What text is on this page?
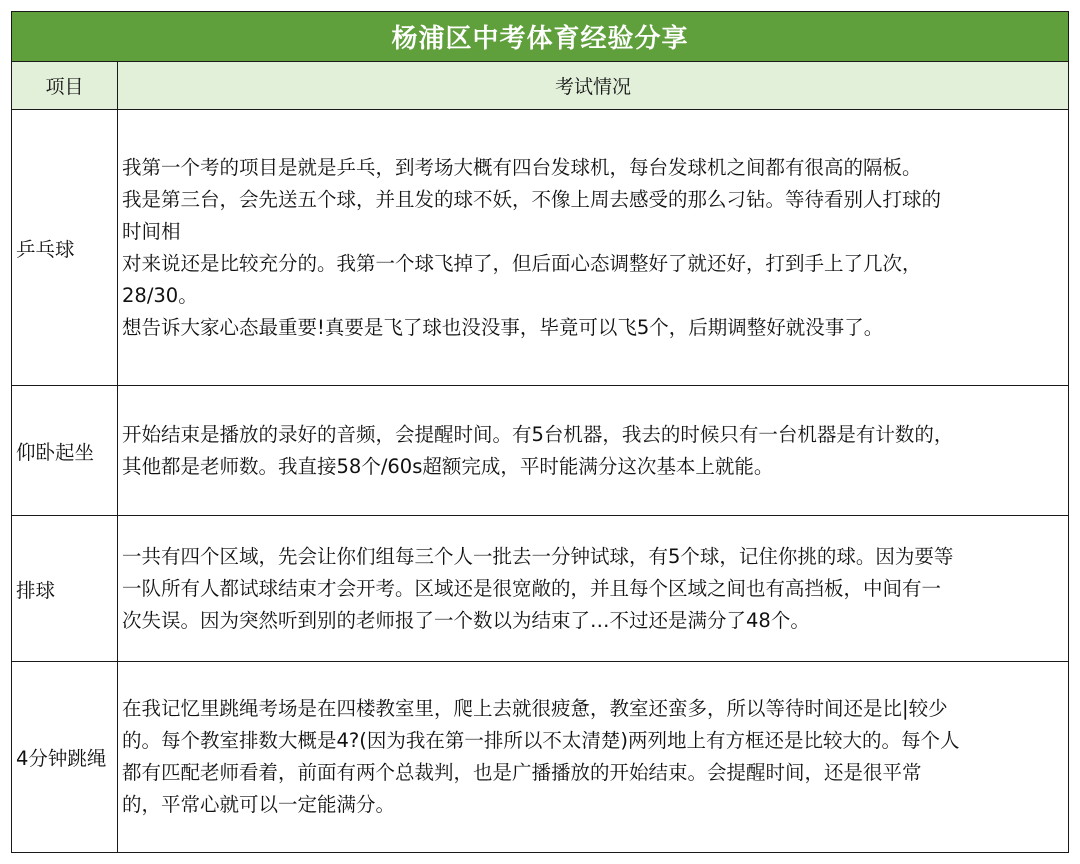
杨浦区中考体育经验分享
项目	考试情况
乒乓球
我第一个考的项目是就是乒乓，到考场大概有四台发球机，每台发球机之间都有很高的隔板。
我是第三台，会先送五个球，并且发的球不妖，不像上周去感受的那么刁钻。等待看别人打球的
时间相
对来说还是比较充分的。我第一个球飞掉了，但后面心态调整好了就还好，打到手上了几次，
28/30。
想告诉大家心态最重要!真要是飞了球也没没事，毕竟可以飞5个，后期调整好就没事了。
仰卧起坐
开始结束是播放的录好的音频，会提醒时间。有5台机器，我去的时候只有一台机器是有计数的，
其他都是老师数。我直接58个/60s超额完成，平时能满分这次基本上就能。
排球
一共有四个区域，先会让你们组每三个人一批去一分钟试球，有5个球，记住你挑的球。因为要等
一队所有人都试球结束才会开考。区域还是很宽敞的，并且每个区域之间也有高挡板，中间有一
次失误。因为突然听到别的老师报了一个数以为结束了…不过还是满分了48个。
4分钟跳绳
在我记忆里跳绳考场是在四楼教室里，爬上去就很疲惫，教室还蛮多，所以等待时间还是比|较少
的。每个教室排数大概是4?(因为我在第一排所以不太清楚)两列地上有方框还是比较大的。每个人
都有匹配老师看着，前面有两个总裁判，也是广播播放的开始结束。会提醒时间，还是很平常
的，平常心就可以一定能满分。
